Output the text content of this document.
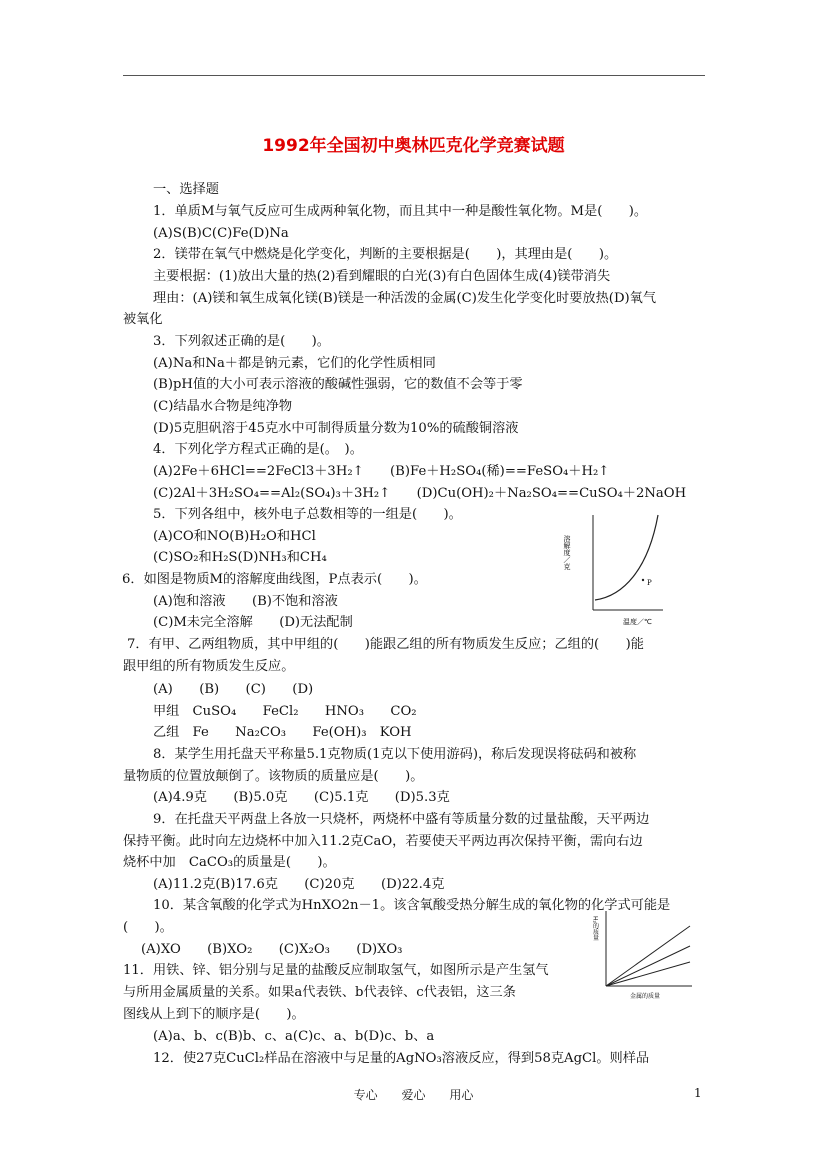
1992年全国初中奥林匹克化学竞赛试题
一、选择题
1．单质M与氧气反应可生成两种氧化物，而且其中一种是酸性氧化物。M是(　　)。
(A)S(B)C(C)Fe(D)Na
2．镁带在氧气中燃烧是化学变化，判断的主要根据是(　　)，其理由是(　　)。
主要根据：(1)放出大量的热(2)看到耀眼的白光(3)有白色固体生成(4)镁带消失
理由：(A)镁和氧生成氧化镁(B)镁是一种活泼的金属(C)发生化学变化时要放热(D)氧气
被氧化
3．下列叙述正确的是(　　)。
(A)Na和Na＋都是钠元素，它们的化学性质相同
(B)pH值的大小可表示溶液的酸碱性强弱，它的数值不会等于零
(C)结晶水合物是纯净物
(D)5克胆矾溶于45克水中可制得质量分数为10%的硫酸铜溶液
4．下列化学方程式正确的是(。　)。
(A)2Fe＋6HCl==2FeCl3＋3H₂↑　　(B)Fe＋H₂SO₄(稀)==FeSO₄＋H₂↑
(C)2Al＋3H₂SO₄==Al₂(SO₄)₃＋3H₂↑　　(D)Cu(OH)₂＋Na₂SO₄==CuSO₄＋2NaOH
5．下列各组中，核外电子总数相等的一组是(　　)。
(A)CO和NO(B)H₂O和HCl
(C)SO₂和H₂S(D)NH₃和CH₄
6．如图是物质M的溶解度曲线图，P点表示(　　)。
(A)饱和溶液　　(B)不饱和溶液
(C)M未完全溶解　　(D)无法配制
7．有甲、乙两组物质，其中甲组的(　　)能跟乙组的所有物质发生反应；乙组的(　　)能
跟甲组的所有物质发生反应。
(A)　　(B)　　(C)　　(D)
甲组　CuSO₄　　FeCl₂　　HNO₃　　CO₂
乙组　Fe　　Na₂CO₃　　Fe(OH)₃　KOH
8．某学生用托盘天平称量5.1克物质(1克以下使用游码)，称后发现误将砝码和被称
量物质的位置放颠倒了。该物质的质量应是(　　)。
(A)4.9克　　(B)5.0克　　(C)5.1克　　(D)5.3克
9．在托盘天平两盘上各放一只烧杯，两烧杯中盛有等质量分数的过量盐酸，天平两边
保持平衡。此时向左边烧杯中加入11.2克CaO，若要使天平两边再次保持平衡，需向右边
烧杯中加　CaCO₃的质量是(　　)。
(A)11.2克(B)17.6克　　(C)20克　　(D)22.4克
10．某含氧酸的化学式为HnXO2n－1。该含氧酸受热分解生成的氧化物的化学式可能是
(　　)。
(A)XO　　(B)XO₂　　(C)X₂O₃　　(D)XO₃
11．用铁、锌、铝分别与足量的盐酸反应制取氢气，如图所示是产生氢气
与所用金属质量的关系。如果a代表铁、b代表锌、c代表铝，这三条
图线从上到下的顺序是(　　)。
(A)a、b、c(B)b、c、a(C)c、a、b(D)c、b、a
12．使27克CuCl₂样品在溶液中与足量的AgNO₃溶液反应，得到58克AgCl。则样品
P
溶解度／克
温度／℃
H₂的质量
金属的质量
专心 爱心 用心	1
